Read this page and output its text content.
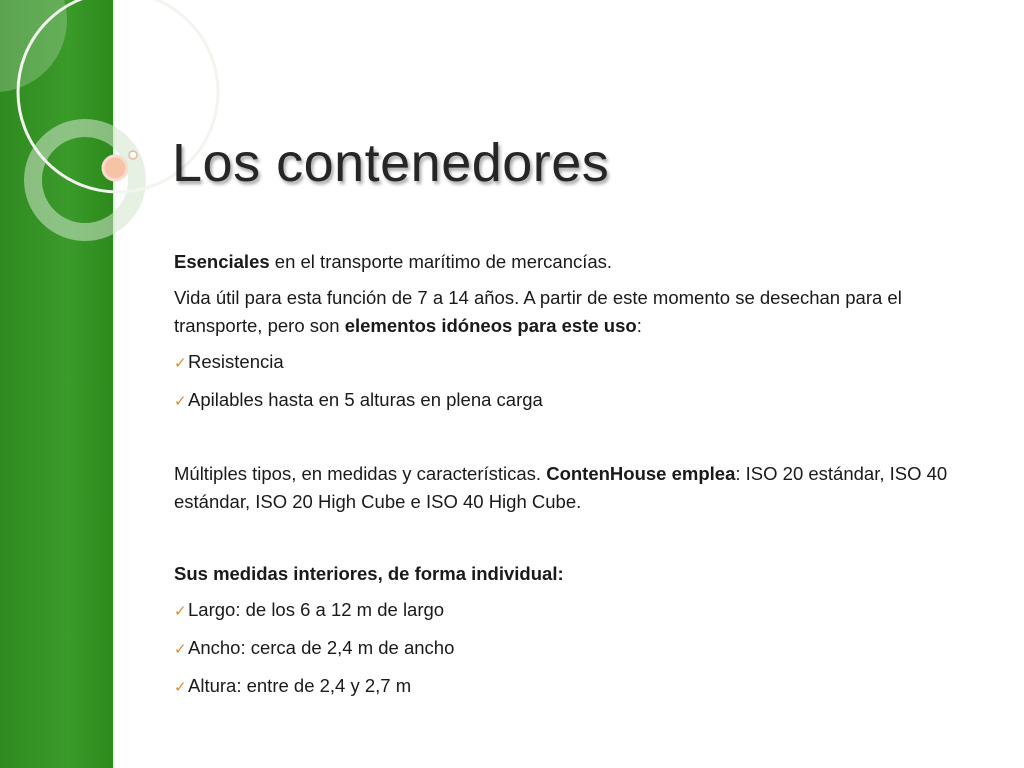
Los contenedores

Esenciales en el transporte marítimo de mercancías.

Vida útil para esta función de 7 a 14 años. A partir de este momento se desechan para el transporte, pero son elementos idóneos para este uso:

✓Resistencia

✓Apilables hasta en 5 alturas en plena carga

Múltiples tipos, en medidas y características. ContenHouse emplea: ISO 20 estándar, ISO 40 estándar, ISO 20 High Cube e ISO 40 High Cube.

Sus medidas interiores, de forma individual:

✓Largo: de los 6 a 12 m de largo

✓Ancho: cerca de 2,4 m de ancho

✓Altura: entre de 2,4 y 2,7 m
